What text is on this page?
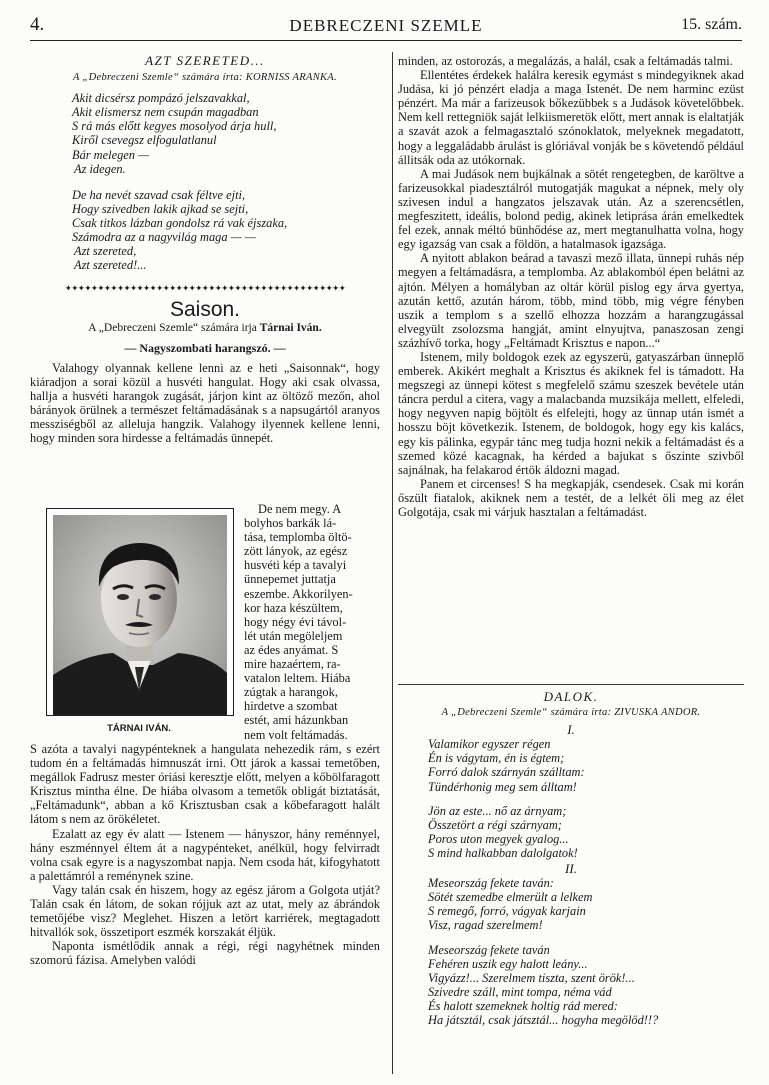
4.	DEBRECZENI SZEMLE	15. szám.
AZT SZERETED...
A „Debreczeni Szemle“ számára írta: KORNISS ARANKA.
Akit dicsérsz pompázó jelszavakkal,
Akit elismersz nem csupán magadban
S rá más előtt kegyes mosolyod árja hull,
Kiről csevegsz elfogulatlanul
Bár melegen —
Az idegen.
De ha nevét szavad csak féltve ejti,
Hogy szivedben lakik ajkad se sejti,
Csak titkos lázban gondolsz rá vak éjszaka,
Számodra az a nagyvilág maga — —
Azt szereted,
Azt szereted!...
✦✦✦✦✦✦✦✦✦✦✦✦✦✦✦✦✦✦✦✦✦✦✦✦✦✦✦✦✦✦✦✦✦✦✦✦✦✦✦✦✦✦✦
Saison.
A „Debreczeni Szemle“ számára irja Tárnai Iván.
— Nagyszombati harangszó. —

Valahogy olyannak kellene lenni az e heti „Saisonnak“, hogy kiáradjon a sorai közül a husvéti hangulat. Hogy aki csak olvassa, hallja a husvéti harangok zugását, járjon kint az öltöző mezőn, ahol bárányok örülnek a természet feltámadásának s a napsugártól aranyos messziségből az alleluja hangzik. Valahogy ilyennek kellene lenni, hogy minden sora hirdesse a feltámadás ünnepét.

TÁRNAI IVÁN.
De nem megy. A
bolyhos barkák lá-
tása, templomba öltö-
zött lányok, az egész
husvéti kép a tavalyi
ünnepemet juttatja
eszembe. Akkorilyen-
kor haza készültem,
hogy négy évi távol-
lét után megöleljem
az édes anyámat. S
mire hazaértem, ra-
vatalon leltem. Hiába
zúgtak a harangok,
hirdetve a szombat
estét, ami házunkban
nem volt feltámadás.

S azóta a tavalyi nagypénteknek a hangulata nehezedik rám, s ezért tudom én a feltámadás himnuszát irni. Ott járok a kassai temetőben, megállok Fadrusz mester óriási keresztje előtt, melyen a kőbölfaragott Krisztus mintha élne. De hiába olvasom a temetők obligát biztatását, „Feltámadunk“, abban a kő Krisztusban csak a kőbefaragott halált látom s nem az örökéletet.

Ezalatt az egy év alatt — Istenem — hányszor, hány reménnyel, hány eszménnyel éltem át a nagypénteket, anélkül, hogy felvirradt volna csak egyre is a nagyszombat napja. Nem csoda hát, kifogyhatott a palettámról a reménynek szine.

Vagy talán csak én hiszem, hogy az egész járom a Golgota utját? Talán csak én látom, de sokan rójjuk azt az utat, mely az ábrándok temetőjébe visz? Meglehet. Hiszen a letört karriérek, megtagadott hitvallók sok, összetiport eszmék korszakát éljük.

Naponta ismétlődik annak a régi, régi nagyhétnek minden szomorú fázisa. Amelyben valódi

minden, az ostorozás, a megalázás, a halál, csak a feltámadás talmi.

Ellentétes érdekek halálra keresik egymást s mindegyiknek akad Judása, ki jó pénzért eladja a maga Istenét. De nem harminc ezüst pénzért. Ma már a farizeusok bőkezübbek s a Judások követelőbbek. Nem kell rettegniök saját lelkiismeretök előtt, mert annak is elaltatják a szavát azok a felmagasztaló szónoklatok, melyeknek megadatott, hogy a leggaládabb árulást is glóriával vonják be s követendő például állitsák oda az utókornak.

A mai Judások nem bujkálnak a sötét rengetegben, de karöltve a farizeusokkal piadesztálról mutogatják magukat a népnek, mely oly szivesen indul a hangzatos jelszavak után. Az a szerencsétlen, megfeszitett, ideális, bolond pedig, akinek letiprása árán emelkedtek fel ezek, annak méltó bünhődése az, mert megtanulhatta volna, hogy egy igazság van csak a földön, a hatalmasok igazsága.

A nyitott ablakon beárad a tavaszi mező illata, ünnepi ruhás nép megyen a feltámadásra, a templomba. Az ablakomból épen belátni az ajtón. Mélyen a homályban az oltár körül pislog egy árva gyertya, azután kettő, azután három, több, mind több, mig végre fényben uszik a templom s a szellő elhozza hozzám a harangzugással elvegyült zsolozsma hangját, amint elnyujtva, panaszosan zengi százhívő torka, hogy „Feltámadt Krisztus e napon...“

Istenem, mily boldogok ezek az egyszerü, gatyaszárban ünneplő emberek. Akikért meghalt a Krisztus és akiknek fel is támadott. Ha megszegi az ünnepi kötest s megfelelő számu szeszek bevétele után táncra perdul a citera, vagy a malacbanda muzsikája mellett, elfeledi, hogy negyven napig böjtölt és elfelejti, hogy az ünnap után ismét a hosszu böjt következik. Istenem, de boldogok, hogy egy kis kalács, egy kis pálinka, egypár tánc meg tudja hozni nekik a feltámadást és a szemed közé kacagnak, ha kérded a bajukat s őszinte szivből sajnálnak, ha felakarod értök áldozni magad.

Panem et circenses! S ha megkapják, csendesek. Csak mi korán őszült fiatalok, akiknek nem a testét, de a lelkét öli meg az élet Golgotája, csak mi várjuk hasztalan a feltámadást.

DALOK.
A „Debreczeni Szemle“ számára irta: ZIVUSKA ANDOR.
I.
Valamikor egyszer régen
Én is vágytam, én is égtem;
Forró dalok szárnyán szálltam:
Tündérhonig meg sem álltam!
Jön az este... nő az árnyam;
Összetört a régi szárnyam;
Poros uton megyek gyalog...
S mind halkabban dalolgatok!
II.
Meseország fekete taván:
Sötét szemedbe elmerült a lelkem
S remegő, forró, vágyak karjain
Visz, ragad szerelmem!
Meseország fekete taván
Fehéren uszik egy halott leány...
Vigyázz!... Szerelmem tiszta, szent örök!...
Szivedre száll, mint tompa, néma vád
És halott szemeknek holtig rád mered:
Ha játsztál, csak játsztál... hogyha megölöd!!?
